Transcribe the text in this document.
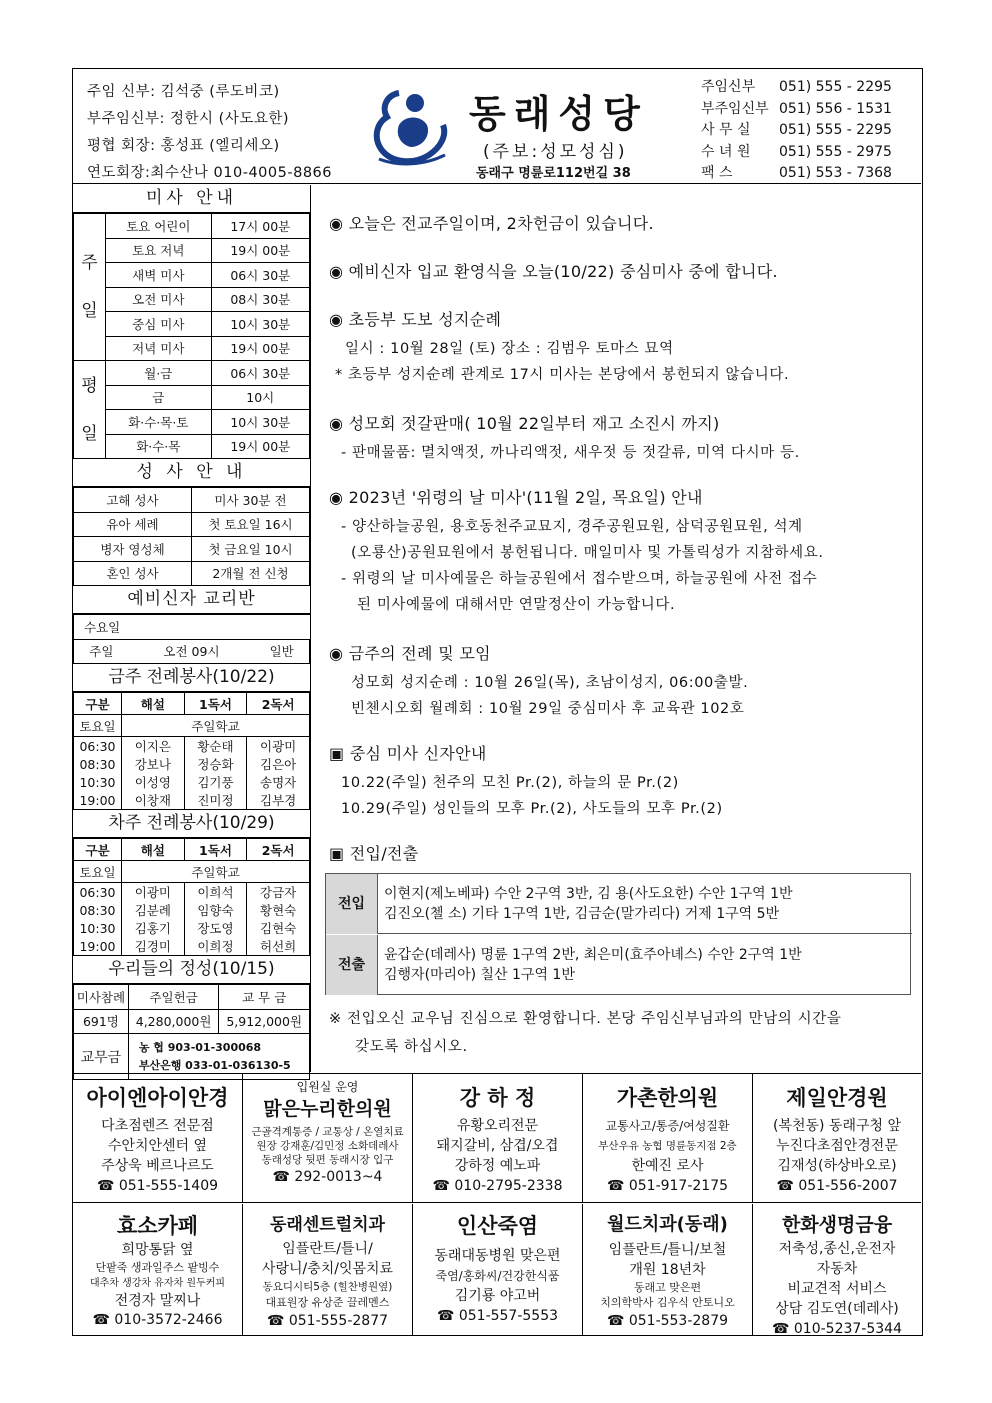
주임 신부: 김석중 (루도비코)
부주임신부: 정한시 (사도요한)
평협 회장: 홍성표 (엘리세오)
연도회장:최수산나 010-4005-8866
동래성당
(주보:성모성심)
동래구 명륜로112번길 38
주임신부	051) 555 - 2295
부주임신부 051) 556 - 1531
사 무 실	051) 555 - 2295
수 녀 원	051) 555 - 2975
팩 스	051) 553 - 7368
미사 안내
주
일	토요 어린이	17시 00분
	토요 저녁	19시 00분
	새벽 미사	06시 30분
	오전 미사	08시 30분
	중심 미사	10시 30분
	저녁 미사	19시 00분
평
일	월·금	06시 30분
	금	10시
	화·수·목·토	10시 30분
	화·수·목	19시 00분
성 사 안 내
고해 성사	미사 30분 전
유아 세례	첫 토요일 16시
병자 영성체	첫 금요일 10시
혼인 성사	2개월 전 신청
예비신자 교리반
수요일
주일	오전 09시	일반
금주 전례봉사(10/22)
구분	해설	1독서	2독서
토요일	주일학교		
06:30	이지은	황순태	이광미
08:30	강보나	정승화	김은아
10:30	이성영	김기풍	송명자
19:00	이창재	진미정	김부경
차주 전례봉사(10/29)
구분	해설	1독서	2독서
토요일	주일학교		
06:30	이광미	이희석	강금자
08:30	김분례	임향숙	황현숙
10:30	김홍기	장도영	김현숙
19:00	김경미	이희정	허선희
우리들의 정성(10/15)
미사참례	주일헌금	교 무 금
691명	4,280,000원	5,912,000원
교무금	농 협 903-01-300068
부산은행 033-01-036130-5	
◉ 오늘은 전교주일이며, 2차헌금이 있습니다.
◉ 예비신자 입교 환영식을 오늘(10/22) 중심미사 중에 합니다.
◉ 초등부 도보 성지순례
일시 : 10월 28일 (토) 장소 : 김범우 토마스 묘역
* 초등부 성지순례 관계로 17시 미사는 본당에서 봉헌되지 않습니다.
◉ 성모회 젓갈판매( 10월 22일부터 재고 소진시 까지)
- 판매물품: 멸치액젓, 까나리액젓, 새우젓 등 젓갈류, 미역 다시마 등.
◉ 2023년 '위령의 날 미사'(11월 2일, 목요일) 안내
- 양산하늘공원, 용호동천주교묘지, 경주공원묘원, 삼덕공원묘원, 석계
(오룡산)공원묘원에서 봉헌됩니다. 매일미사 및 가톨릭성가 지참하세요.
- 위령의 날 미사예물은 하늘공원에서 접수받으며, 하늘공원에 사전 접수
된 미사예물에 대해서만 연말정산이 가능합니다.
◉ 금주의 전례 및 모임
성모회 성지순례 : 10월 26일(목), 초남이성지, 06:00출발.
빈첸시오회 월례회 : 10월 29일 중심미사 후 교육관 102호
▣ 중심 미사 신자안내
10.22(주일) 천주의 모친 Pr.(2), 하늘의 문 Pr.(2)
10.29(주일) 성인들의 모후 Pr.(2), 사도들의 모후 Pr.(2)
▣ 전입/전출
전입
이현지(제노베파) 수안 2구역 3반, 김 용(사도요한) 수안 1구역 1반
김진오(첼 소) 기타 1구역 1반, 김금순(말가리다) 거제 1구역 5반
전출
윤갑순(데레사) 명륜 1구역 2반, 최은미(효주아녜스) 수안 2구역 1반
김행자(마리아) 칠산 1구역 1반
※ 전입오신 교우님 진심으로 환영합니다. 본당 주임신부님과의 만남의 시간을
갖도록 하십시오.
아이엔아이안경
다초점렌즈 전문점
수안치안센터 옆
주상욱 베르나르도
☎ 051-555-1409
입원실 운영
맑은누리한의원
근골격계통증 / 교통상 / 온열치료
원장 강재훈/김민정 소화데레사
동래성당 뒷편 동래시장 입구
☎ 292-0013~4
강 하 정
유황오리전문
돼지갈비, 삼겹/오겹
강하정 예노파
☎ 010-2795-2338
가촌한의원
교통사고/통증/여성질환
부산우유 농협 명륜동지점 2층
한예진 로사
☎ 051-917-2175
제일안경원
(복천동) 동래구청 앞
누진다초점안경전문
김재성(하상바오로)
☎ 051-556-2007
효소카페
희망통닭 옆
단팥죽 생과일주스 팥빙수
대추차 생강차 유자차 원두커피
전경자 말찌나
☎ 010-3572-2466
동래센트럴치과
임플란트/틀니/
사랑니/충치/잇몸치료
동요디시티5층 (힐찬병원옆)
대표원장 유상준 끌레멘스
☎ 051-555-2877
인산죽염
동래대동병원 맞은편
죽염/홍화씨/건강한식품
김기룡 야고버
☎ 051-557-5553
월드치과(동래)
임플란트/틀니/보철
개원 18년차
동래고 맞은편
치의학박사 김우식 안토니오
☎ 051-553-2879
한화생명금융
저축성,종신,운전자
자동차
비교견적 서비스
상담 김도연(데레사)
☎ 010-5237-5344
